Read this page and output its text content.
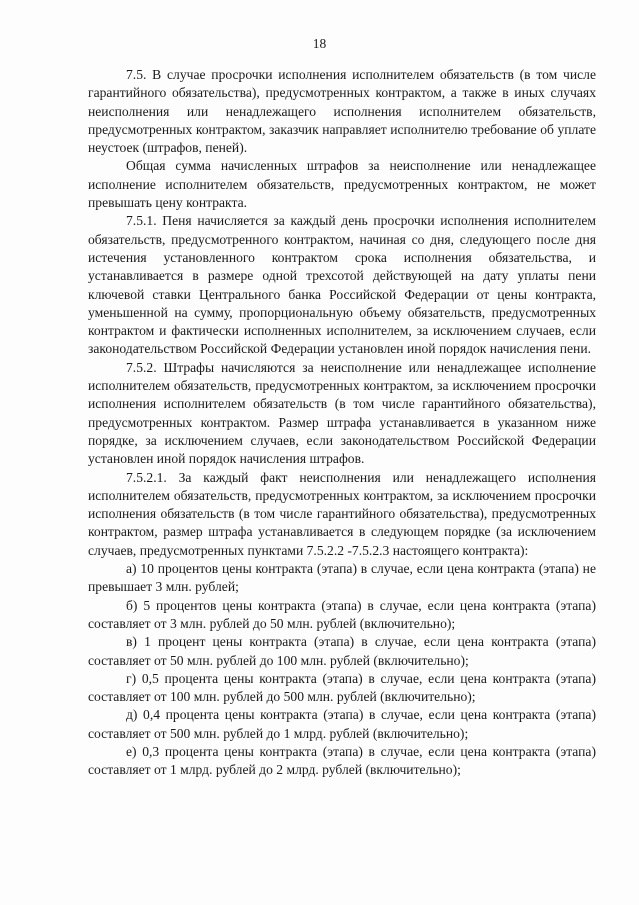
18

7.5. В случае просрочки исполнения исполнителем обязательств (в том числе гарантийного обязательства), предусмотренных контрактом, а также в иных случаях неисполнения или ненадлежащего исполнения исполнителем обязательств, предусмотренных контрактом, заказчик направляет исполнителю требование об уплате неустоек (штрафов, пеней).

Общая сумма начисленных штрафов за неисполнение или ненадлежащее исполнение исполнителем обязательств, предусмотренных контрактом, не может превышать цену контракта.

7.5.1. Пеня начисляется за каждый день просрочки исполнения исполнителем обязательств, предусмотренного контрактом, начиная со дня, следующего после дня истечения установленного контрактом срока исполнения обязательства, и устанавливается в размере одной трехсотой действующей на дату уплаты пени ключевой ставки Центрального банка Российской Федерации от цены контракта, уменьшенной на сумму, пропорциональную объему обязательств, предусмотренных контрактом и фактически исполненных исполнителем, за исключением случаев, если законодательством Российской Федерации установлен иной порядок начисления пени.

7.5.2. Штрафы начисляются за неисполнение или ненадлежащее исполнение исполнителем обязательств, предусмотренных контрактом, за исключением просрочки исполнения исполнителем обязательств (в том числе гарантийного обязательства), предусмотренных контрактом. Размер штрафа устанавливается в указанном ниже порядке, за исключением случаев, если законодательством Российской Федерации установлен иной порядок начисления штрафов.

7.5.2.1. За каждый факт неисполнения или ненадлежащего исполнения исполнителем обязательств, предусмотренных контрактом, за исключением просрочки исполнения обязательств (в том числе гарантийного обязательства), предусмотренных контрактом, размер штрафа устанавливается в следующем порядке (за исключением случаев, предусмотренных пунктами 7.5.2.2 -7.5.2.3 настоящего контракта):

а) 10 процентов цены контракта (этапа) в случае, если цена контракта (этапа) не превышает 3 млн. рублей;

б) 5 процентов цены контракта (этапа) в случае, если цена контракта (этапа) составляет от 3 млн. рублей до 50 млн. рублей (включительно);

в) 1 процент цены контракта (этапа) в случае, если цена контракта (этапа) составляет от 50 млн. рублей до 100 млн. рублей (включительно);

г) 0,5 процента цены контракта (этапа) в случае, если цена контракта (этапа) составляет от 100 млн. рублей до 500 млн. рублей (включительно);

д) 0,4 процента цены контракта (этапа) в случае, если цена контракта (этапа) составляет от 500 млн. рублей до 1 млрд. рублей (включительно);

е) 0,3 процента цены контракта (этапа) в случае, если цена контракта (этапа) составляет от 1 млрд. рублей до 2 млрд. рублей (включительно);
